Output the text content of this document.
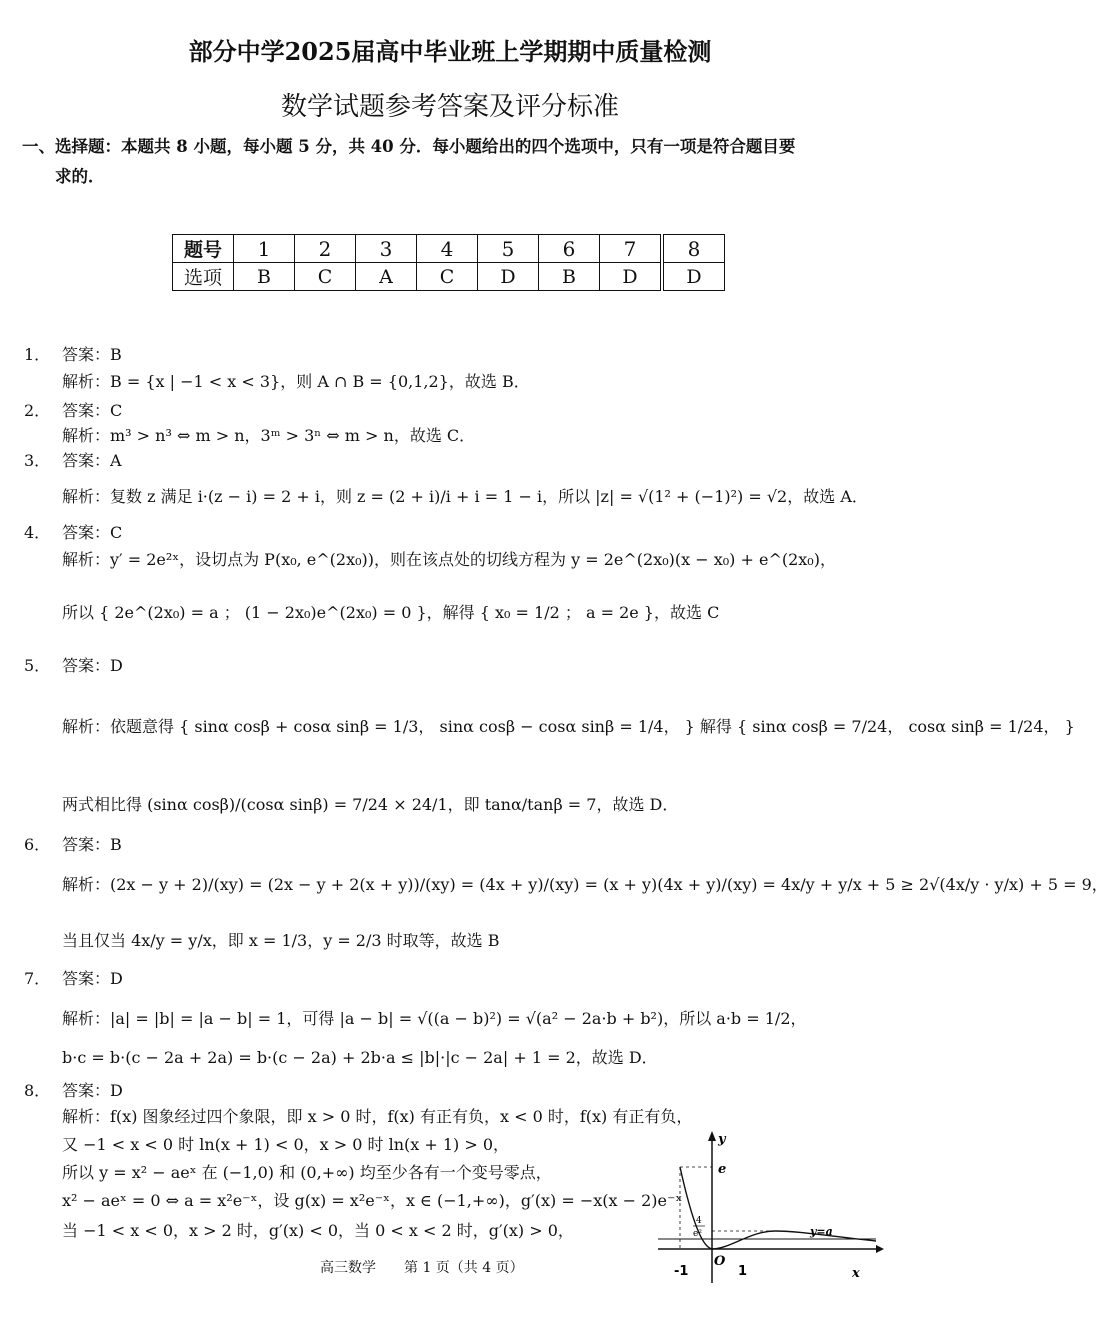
部分中学2025届高中毕业班上学期期中质量检测
数学试题参考答案及评分标准
一、选择题：本题共 8 小题，每小题 5 分，共 40 分．每小题给出的四个选项中，只有一项是符合题目要
求的．
题号	1	2	3	4	5	6	7	8
选项	B	C	A	C	D	B	D	D
1． 答案：B
解析：B = {x | −1 < x < 3}，则 A ∩ B = {0,1,2}，故选 B．
2． 答案：C
解析：m³ > n³ ⇔ m > n，3ᵐ > 3ⁿ ⇔ m > n，故选 C．
3． 答案：A
解析：复数 z 满足 i·(z − i) = 2 + i，则 z = (2 + i)/i + i = 1 − i，所以 |z| = √(1² + (−1)²) = √2，故选 A．
4． 答案：C
解析：y′ = 2e²ˣ，设切点为 P(x₀, e^(2x₀))，则在该点处的切线方程为 y = 2e^(2x₀)(x − x₀) + e^(2x₀)，
所以 { 2e^(2x₀) = a ； (1 − 2x₀)e^(2x₀) = 0 }，解得 { x₀ = 1/2 ； a = 2e }，故选 C
5． 答案：D
解析：依题意得 { sinα cosβ + cosα sinβ = 1/3， sinα cosβ − cosα sinβ = 1/4， } 解得 { sinα cosβ = 7/24， cosα sinβ = 1/24， }
两式相比得 (sinα cosβ)/(cosα sinβ) = 7/24 × 24/1，即 tanα/tanβ = 7，故选 D．
6． 答案：B
解析：(2x − y + 2)/(xy) = (2x − y + 2(x + y))/(xy) = (4x + y)/(xy) = (x + y)(4x + y)/(xy) = 4x/y + y/x + 5 ≥ 2√(4x/y · y/x) + 5 = 9，
当且仅当 4x/y = y/x，即 x = 1/3，y = 2/3 时取等，故选 B
7． 答案：D
解析：|a| = |b| = |a − b| = 1，可得 |a − b| = √((a − b)²) = √(a² − 2a·b + b²)，所以 a·b = 1/2，
b·c = b·(c − 2a + 2a) = b·(c − 2a) + 2b·a ≤ |b|·|c − 2a| + 1 = 2，故选 D．
8． 答案：D
解析：f(x) 图象经过四个象限，即 x > 0 时，f(x) 有正有负，x < 0 时，f(x) 有正有负，
又 −1 < x < 0 时 ln(x + 1) < 0，x > 0 时 ln(x + 1) > 0，
所以 y = x² − aeˣ 在 (−1,0) 和 (0,+∞) 均至少各有一个变号零点，
x² − aeˣ = 0 ⇔ a = x²e⁻ˣ，设 g(x) = x²e⁻ˣ，x ∈ (−1,+∞)，g′(x) = −x(x − 2)e⁻ˣ
当 −1 < x < 0，x > 2 时，g′(x) < 0，当 0 < x < 2 时，g′(x) > 0，
y
x
O
e
4
e²
-1	1
y=a
高三数学　　第 1 页（共 4 页）
